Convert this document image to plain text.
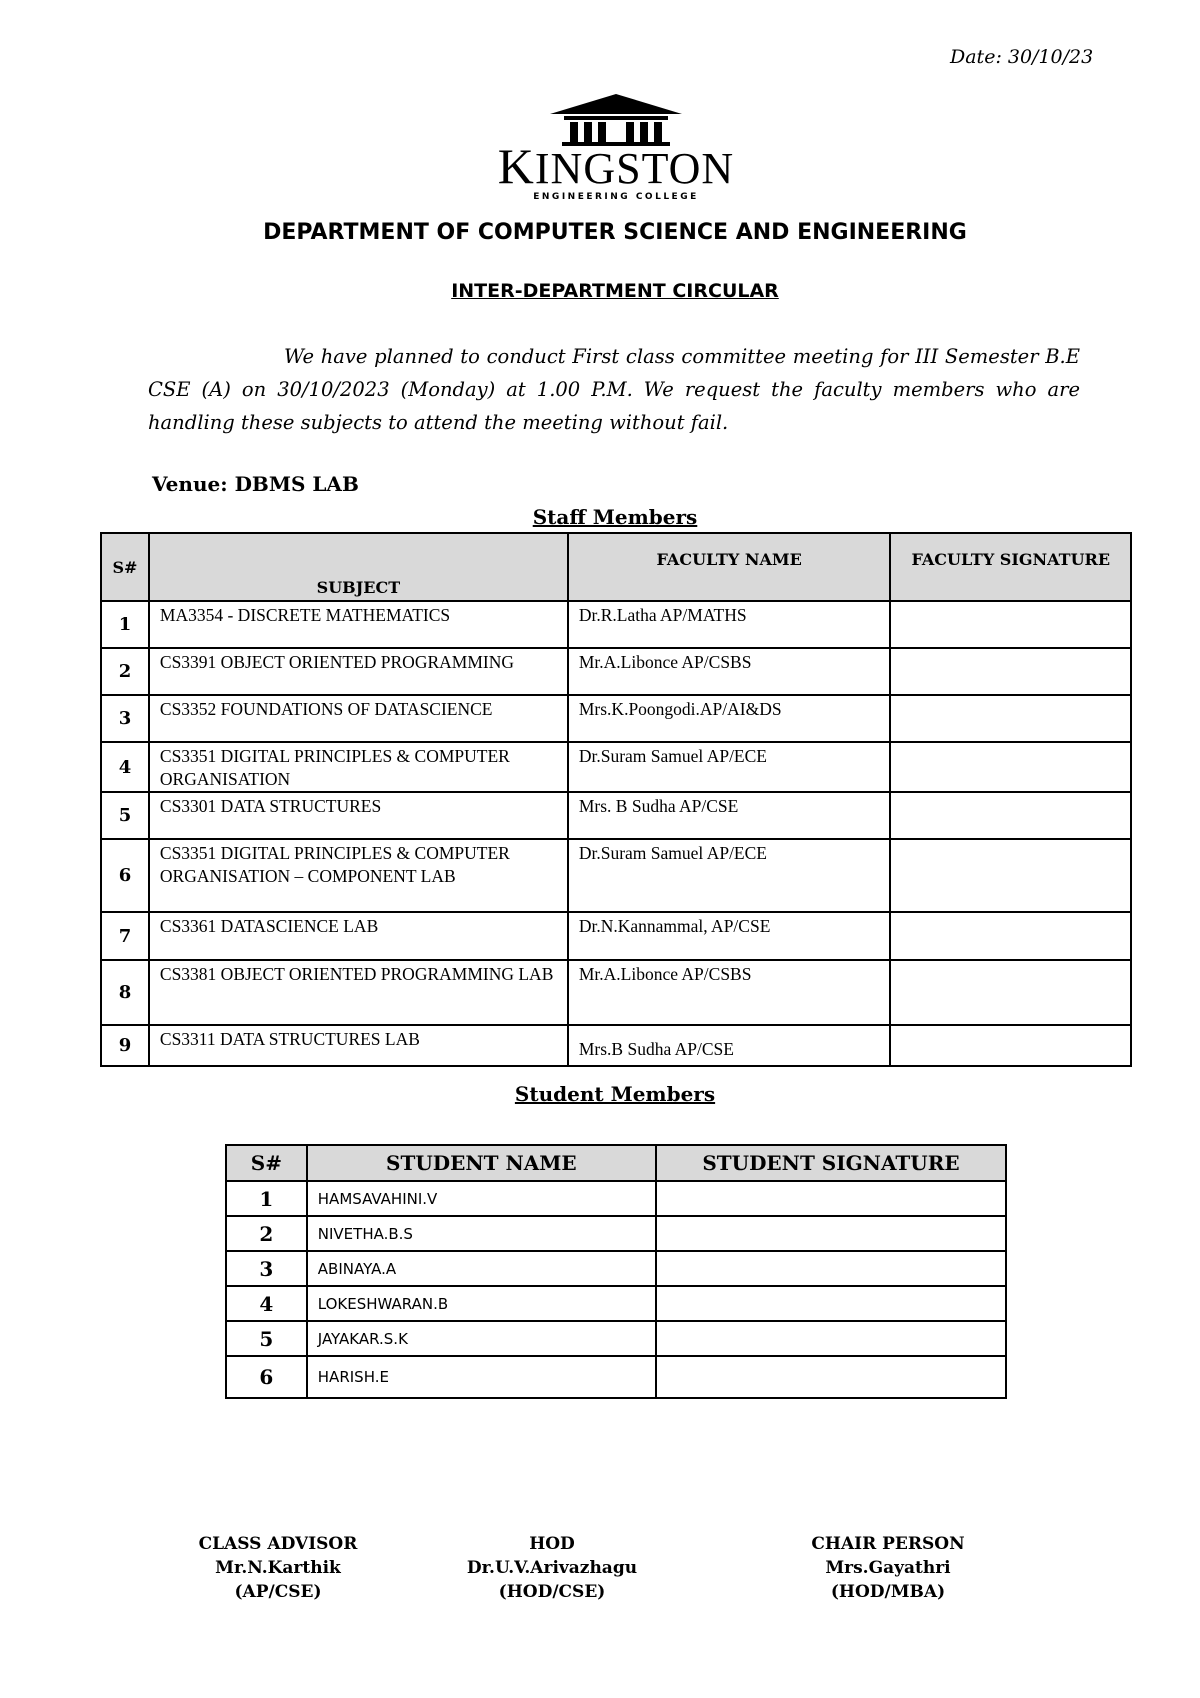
Date: 30/10/23
KINGSTON
ENGINEERING COLLEGE
DEPARTMENT OF COMPUTER SCIENCE AND ENGINEERING
INTER-DEPARTMENT CIRCULAR
We have planned to conduct First class committee meeting for III Semester B.E CSE (A) on 30/10/2023 (Monday) at 1.00 P.M. We request the faculty members who are handling these subjects to attend the meeting without fail.
Venue: DBMS LAB
Staff Members
S#	SUBJECT	FACULTY NAME	FACULTY SIGNATURE
1	MA3354 - DISCRETE MATHEMATICS	Dr.R.Latha AP/MATHS	

2	CS3391 OBJECT ORIENTED PROGRAMMING	Mr.A.Libonce AP/CSBS	

3	CS3352 FOUNDATIONS OF DATASCIENCE	Mrs.K.Poongodi.AP/AI&DS	

4	CS3351 DIGITAL PRINCIPLES & COMPUTER ORGANISATION	Dr.Suram Samuel AP/ECE	

5	CS3301 DATA STRUCTURES	Mrs. B Sudha AP/CSE	

6	CS3351 DIGITAL PRINCIPLES & COMPUTER ORGANISATION – COMPONENT LAB	Dr.Suram Samuel AP/ECE	

7	CS3361 DATASCIENCE LAB	Dr.N.Kannammal, AP/CSE	

8	CS3381 OBJECT ORIENTED PROGRAMMING LAB	Mr.A.Libonce AP/CSBS	

9	CS3311 DATA STRUCTURES LAB	Mrs.B Sudha AP/CSE	

Student Members
S#	STUDENT NAME	STUDENT SIGNATURE
1	HAMSAVAHINI.V	
2	NIVETHA.B.S	
3	ABINAYA.A	
4	LOKESHWARAN.B	
5	JAYAKAR.S.K	
6	HARISH.E	
CLASS ADVISOR
Mr.N.Karthik
(AP/CSE)
HOD
Dr.U.V.Arivazhagu
(HOD/CSE)
CHAIR PERSON
Mrs.Gayathri
(HOD/MBA)
